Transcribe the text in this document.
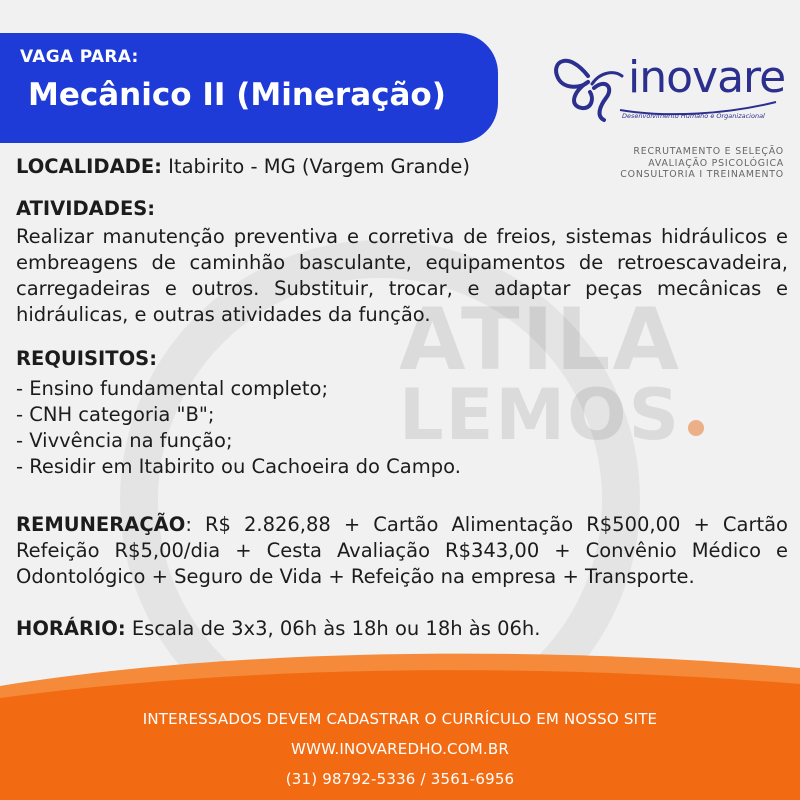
ATILA
LEMOS
VAGA PARA:
Mecânico II (Mineração)	inovare
Desenvolvimento Humano e Organizacional
RECRUTAMENTO E SELEÇÃO
AVALIAÇÃO PSICOLÓGICA
CONSULTORIA I TREINAMENTO
LOCALIDADE: Itabirito - MG (Vargem Grande)
ATIVIDADES:
Realizar manutenção preventiva e corretiva de freios, sistemas hidráulicos e embreagens de caminhão basculante, equipamentos de retroescavadeira, carregadeiras e outros. Substituir, trocar, e adaptar peças mecânicas e hidráulicas, e outras atividades da função.
REQUISITOS:
- Ensino fundamental completo;
- CNH categoria "B";
- Vivvência na função;
- Residir em Itabirito ou Cachoeira do Campo.
REMUNERAÇÃO: R$ 2.826,88 + Cartão Alimentação R$500,00 + Cartão Refeição R$5,00/dia + Cesta Avaliação R$343,00 + Convênio Médico e Odontológico + Seguro de Vida + Refeição na empresa + Transporte.
HORÁRIO: Escala de 3x3, 06h às 18h ou 18h às 06h.
INTERESSADOS DEVEM CADASTRAR O CURRÍCULO EM NOSSO SITE
WWW.INOVAREDHO.COM.BR
(31) 98792-5336 / 3561-6956
